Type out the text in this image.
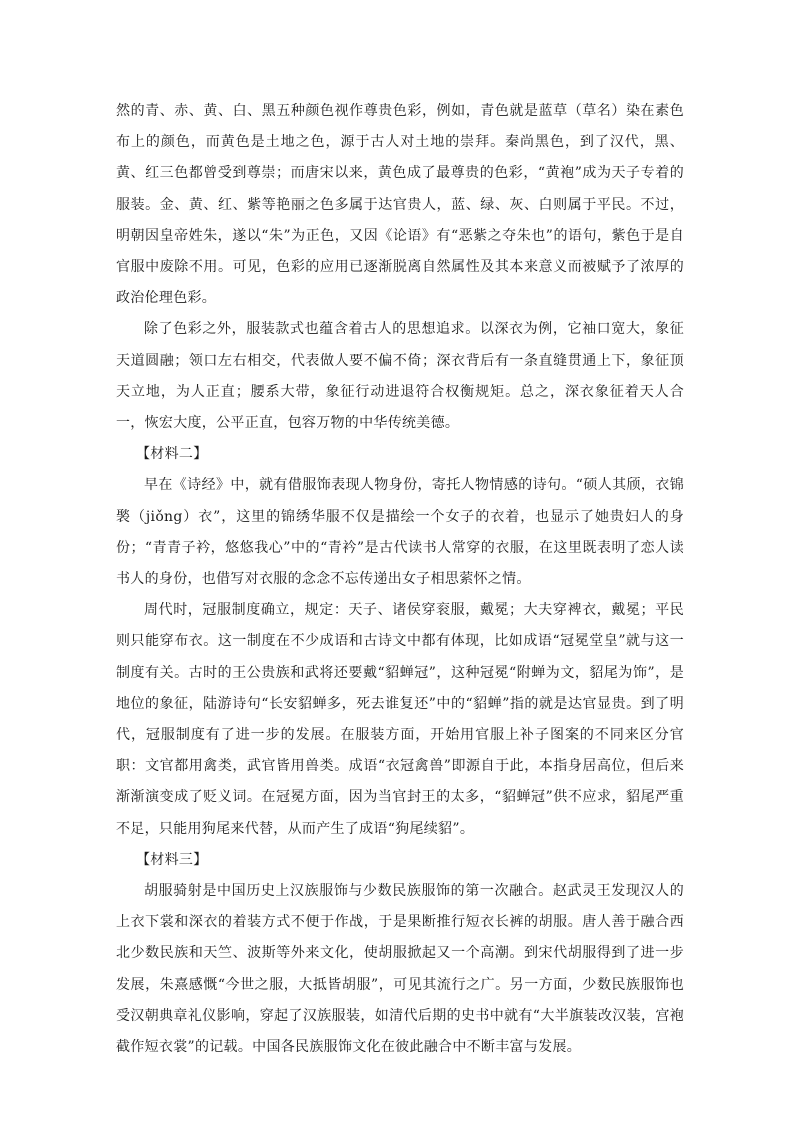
然的青、赤、黄、白、黑五种颜色视作尊贵色彩，例如，青色就是蓝草（草名）染在素色布上的颜色，而黄色是土地之色，源于古人对土地的崇拜。秦尚黑色，到了汉代，黑、黄、红三色都曾受到尊崇；而唐宋以来，黄色成了最尊贵的色彩，“黄袍”成为天子专着的服装。金、黄、红、紫等艳丽之色多属于达官贵人，蓝、绿、灰、白则属于平民。不过，明朝因皇帝姓朱，遂以“朱”为正色，又因《论语》有“恶紫之夺朱也”的语句，紫色于是自官服中废除不用。可见，色彩的应用已逐渐脱离自然属性及其本来意义而被赋予了浓厚的政治伦理色彩。

除了色彩之外，服装款式也蕴含着古人的思想追求。以深衣为例，它袖口宽大，象征天道圆融；领口左右相交，代表做人要不偏不倚；深衣背后有一条直缝贯通上下，象征顶天立地，为人正直；腰系大带，象征行动进退符合权衡规矩。总之，深衣象征着天人合一，恢宏大度，公平正直，包容万物的中华传统美德。

【材料二】

早在《诗经》中，就有借服饰表现人物身份，寄托人物情感的诗句。“硕人其颀，衣锦褧（jiǒng）衣”，这里的锦绣华服不仅是描绘一个女子的衣着，也显示了她贵妇人的身份；“青青子衿，悠悠我心”中的“青衿”是古代读书人常穿的衣服，在这里既表明了恋人读书人的身份，也借写对衣服的念念不忘传递出女子相思萦怀之情。

周代时，冠服制度确立，规定：天子、诸侯穿衮服，戴冕；大夫穿裨衣，戴冕；平民则只能穿布衣。这一制度在不少成语和古诗文中都有体现，比如成语“冠冕堂皇”就与这一制度有关。古时的王公贵族和武将还要戴“貂蝉冠”，这种冠冕“附蝉为文，貂尾为饰”，是地位的象征，陆游诗句“长安貂蝉多，死去谁复还”中的“貂蝉”指的就是达官显贵。到了明代，冠服制度有了进一步的发展。在服装方面，开始用官服上补子图案的不同来区分官职：文官都用禽类，武官皆用兽类。成语“衣冠禽兽”即源自于此，本指身居高位，但后来渐渐演变成了贬义词。在冠冕方面，因为当官封王的太多，“貂蝉冠”供不应求，貂尾严重不足，只能用狗尾来代替，从而产生了成语“狗尾续貂”。

【材料三】

胡服骑射是中国历史上汉族服饰与少数民族服饰的第一次融合。赵武灵王发现汉人的上衣下裳和深衣的着装方式不便于作战，于是果断推行短衣长裤的胡服。唐人善于融合西北少数民族和天竺、波斯等外来文化，使胡服掀起又一个高潮。到宋代胡服得到了进一步发展，朱熹感慨“今世之服，大抵皆胡服”，可见其流行之广。另一方面，少数民族服饰也受汉朝典章礼仪影响，穿起了汉族服装，如清代后期的史书中就有“大半旗装改汉装，宫袍截作短衣裳”的记载。中国各民族服饰文化在彼此融合中不断丰富与发展。
